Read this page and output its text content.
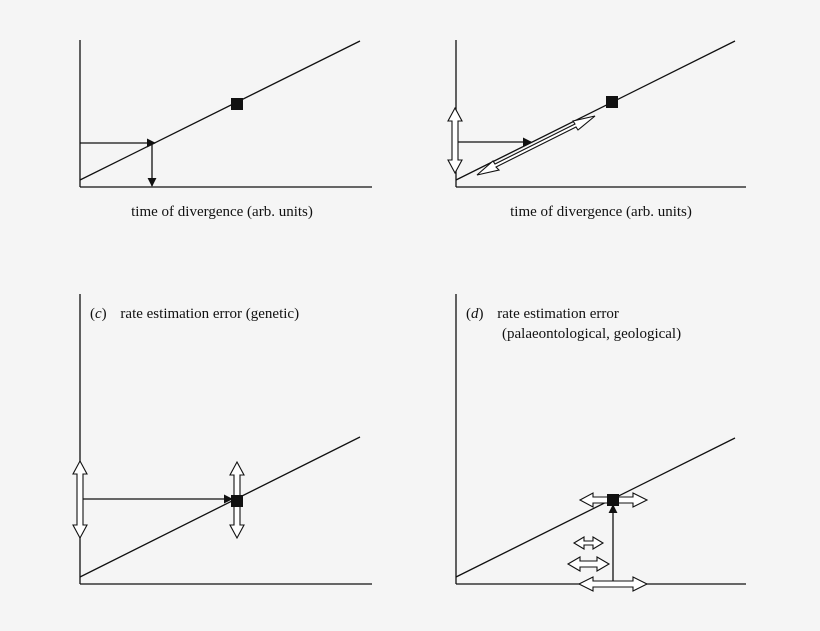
time of divergence (arb. units)	time of divergence (arb. units)
(c) rate estimation error (genetic)	(d) rate estimation error
(palaeontological, geological)
